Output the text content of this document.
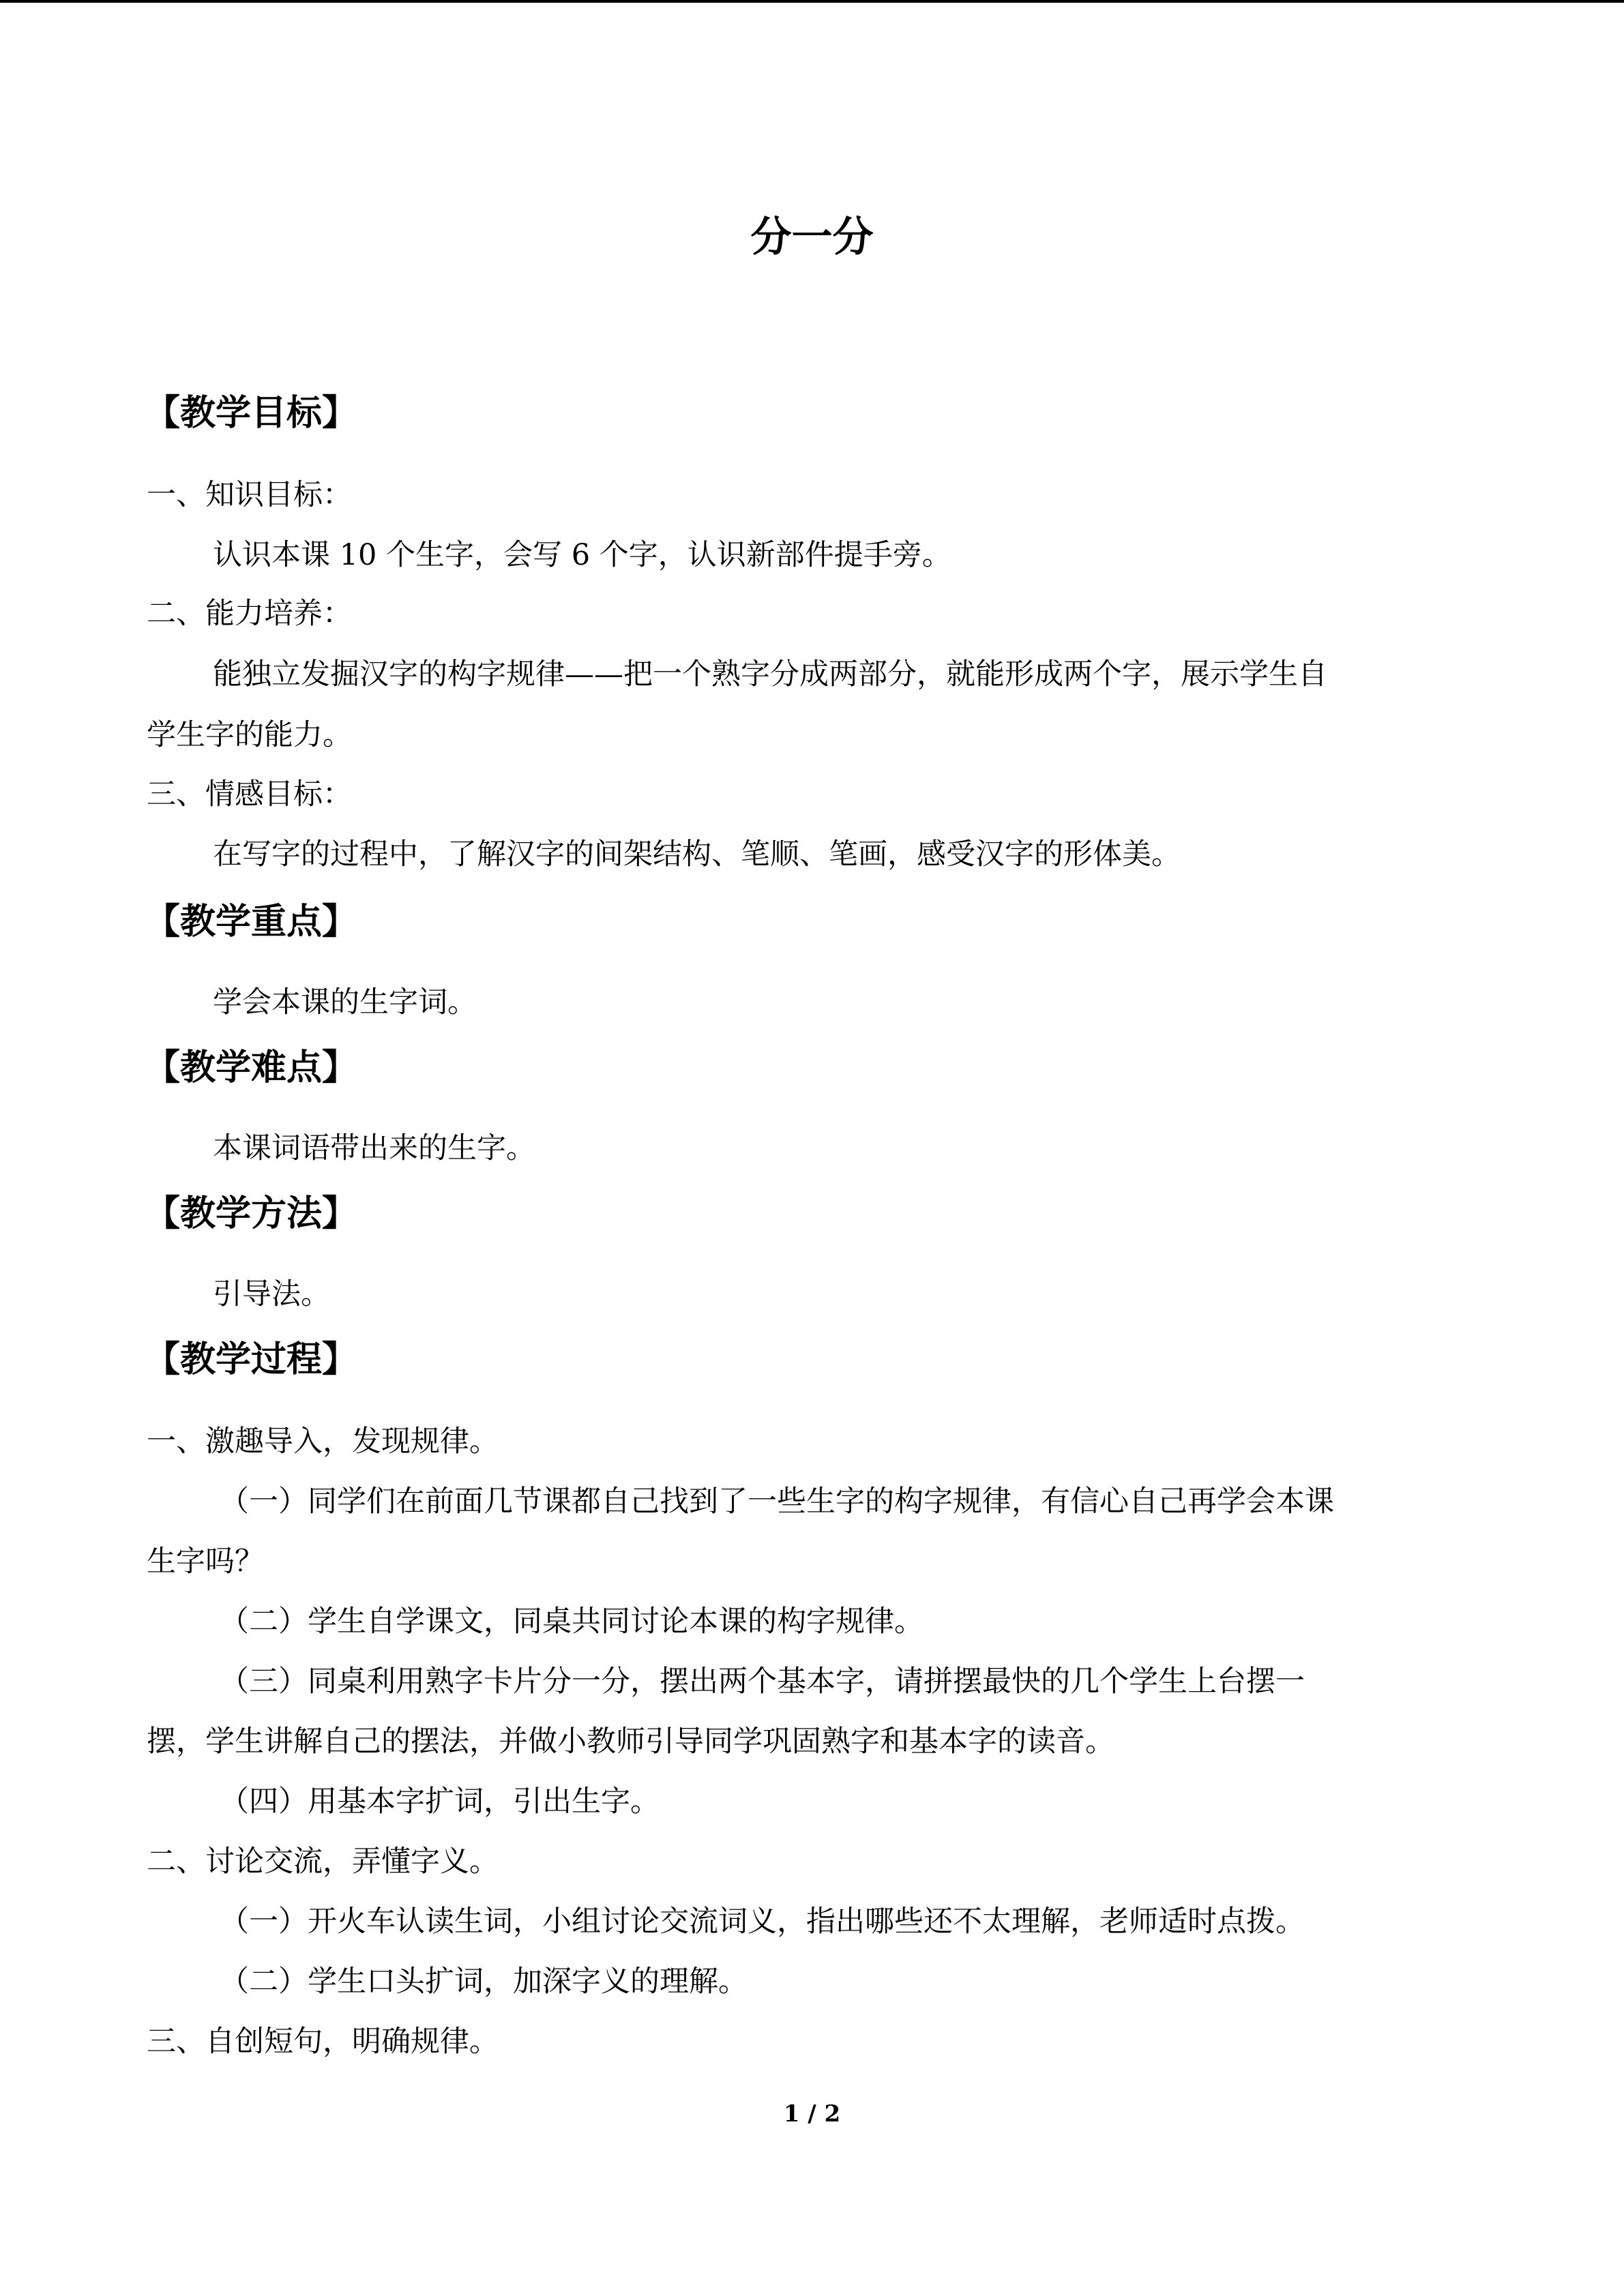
分一分
【教学目标】
一、知识目标：
认识本课 10 个生字，会写 6 个字，认识新部件提手旁。
二、能力培养：
能独立发掘汉字的构字规律——把一个熟字分成两部分，就能形成两个字，展示学生自
学生字的能力。
三、情感目标：
在写字的过程中，了解汉字的间架结构、笔顺、笔画，感受汉字的形体美。
【教学重点】
学会本课的生字词。
【教学难点】
本课词语带出来的生字。
【教学方法】
引导法。
【教学过程】
一、激趣导入，发现规律。
（一）同学们在前面几节课都自己找到了一些生字的构字规律，有信心自己再学会本课
生字吗？
（二）学生自学课文，同桌共同讨论本课的构字规律。
（三）同桌利用熟字卡片分一分，摆出两个基本字，请拼摆最快的几个学生上台摆一
摆，学生讲解自己的摆法，并做小教师引导同学巩固熟字和基本字的读音。
（四）用基本字扩词，引出生字。
二、讨论交流，弄懂字义。
（一）开火车认读生词，小组讨论交流词义，指出哪些还不太理解，老师适时点拨。
（二）学生口头扩词，加深字义的理解。
三、自创短句，明确规律。
1 / 2
